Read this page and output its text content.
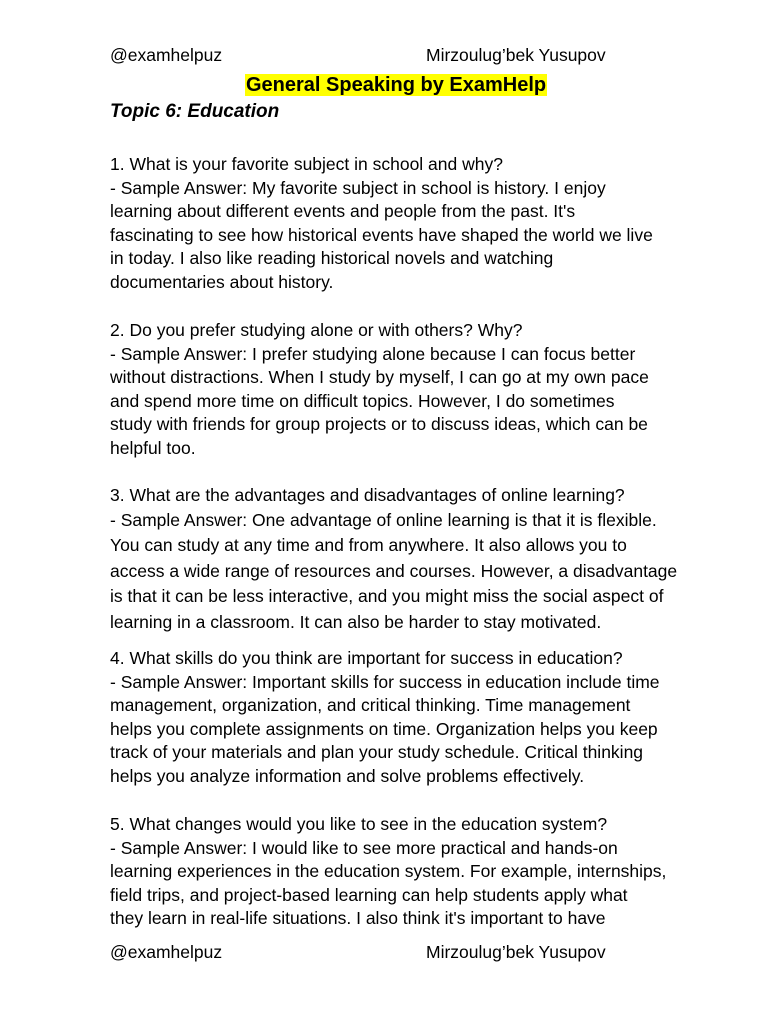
@examhelpuz	Mirzoulug’bek Yusupov
General Speaking by ExamHelp
Topic 6: Education
1. What is your favorite subject in school and why?
- Sample Answer: My favorite subject in school is history. I enjoy
learning about different events and people from the past. It's
fascinating to see how historical events have shaped the world we live
in today. I also like reading historical novels and watching
documentaries about history.
2. Do you prefer studying alone or with others? Why?
- Sample Answer: I prefer studying alone because I can focus better
without distractions. When I study by myself, I can go at my own pace
and spend more time on difficult topics. However, I do sometimes
study with friends for group projects or to discuss ideas, which can be
helpful too.
3. What are the advantages and disadvantages of online learning?
- Sample Answer: One advantage of online learning is that it is flexible.
You can study at any time and from anywhere. It also allows you to
access a wide range of resources and courses. However, a disadvantage
is that it can be less interactive, and you might miss the social aspect of
learning in a classroom. It can also be harder to stay motivated.
4. What skills do you think are important for success in education?
- Sample Answer: Important skills for success in education include time
management, organization, and critical thinking. Time management
helps you complete assignments on time. Organization helps you keep
track of your materials and plan your study schedule. Critical thinking
helps you analyze information and solve problems effectively.
5. What changes would you like to see in the education system?
- Sample Answer: I would like to see more practical and hands-on
learning experiences in the education system. For example, internships,
field trips, and project-based learning can help students apply what
they learn in real-life situations. I also think it's important to have
@examhelpuz	Mirzoulug’bek Yusupov
